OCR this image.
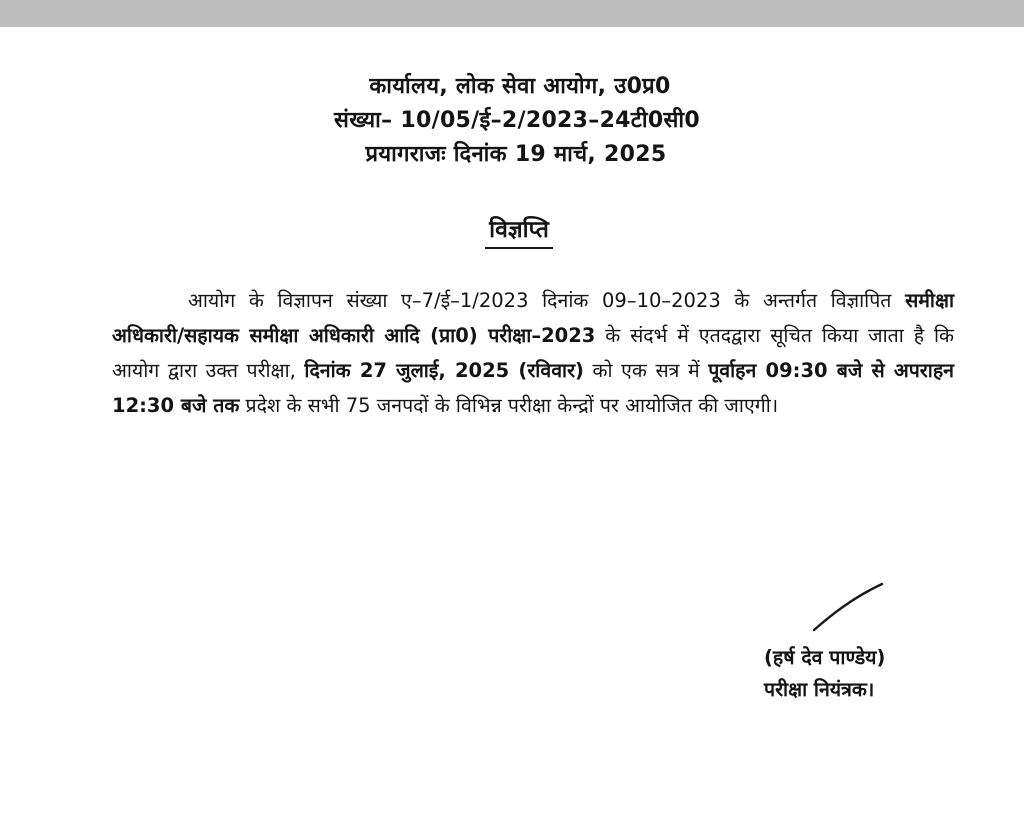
कार्यालय, लोक सेवा आयोग, उ0प्र0
संख्या– 10/05/ई–2/2023–24टी0सी0
प्रयागराजः दिनांक 19 मार्च, 2025
विज्ञप्ति
आयोग के विज्ञापन संख्या ए–7/ई–1/2023 दिनांक 09–10–2023 के अन्तर्गत विज्ञापित समीक्षा अधिकारी/सहायक समीक्षा अधिकारी आदि (प्रा0) परीक्षा–2023 के संदर्भ में एतदद्वारा सूचित किया जाता है कि आयोग द्वारा उक्त परीक्षा, दिनांक 27 जुलाई, 2025 (रविवार) को एक सत्र में पूर्वाहन 09:30 बजे से अपराहन 12:30 बजे तक प्रदेश के सभी 75 जनपदों के विभिन्न परीक्षा केन्द्रों पर आयोजित की जाएगी।
(हर्ष देव पाण्डेय)
परीक्षा नियंत्रक।
